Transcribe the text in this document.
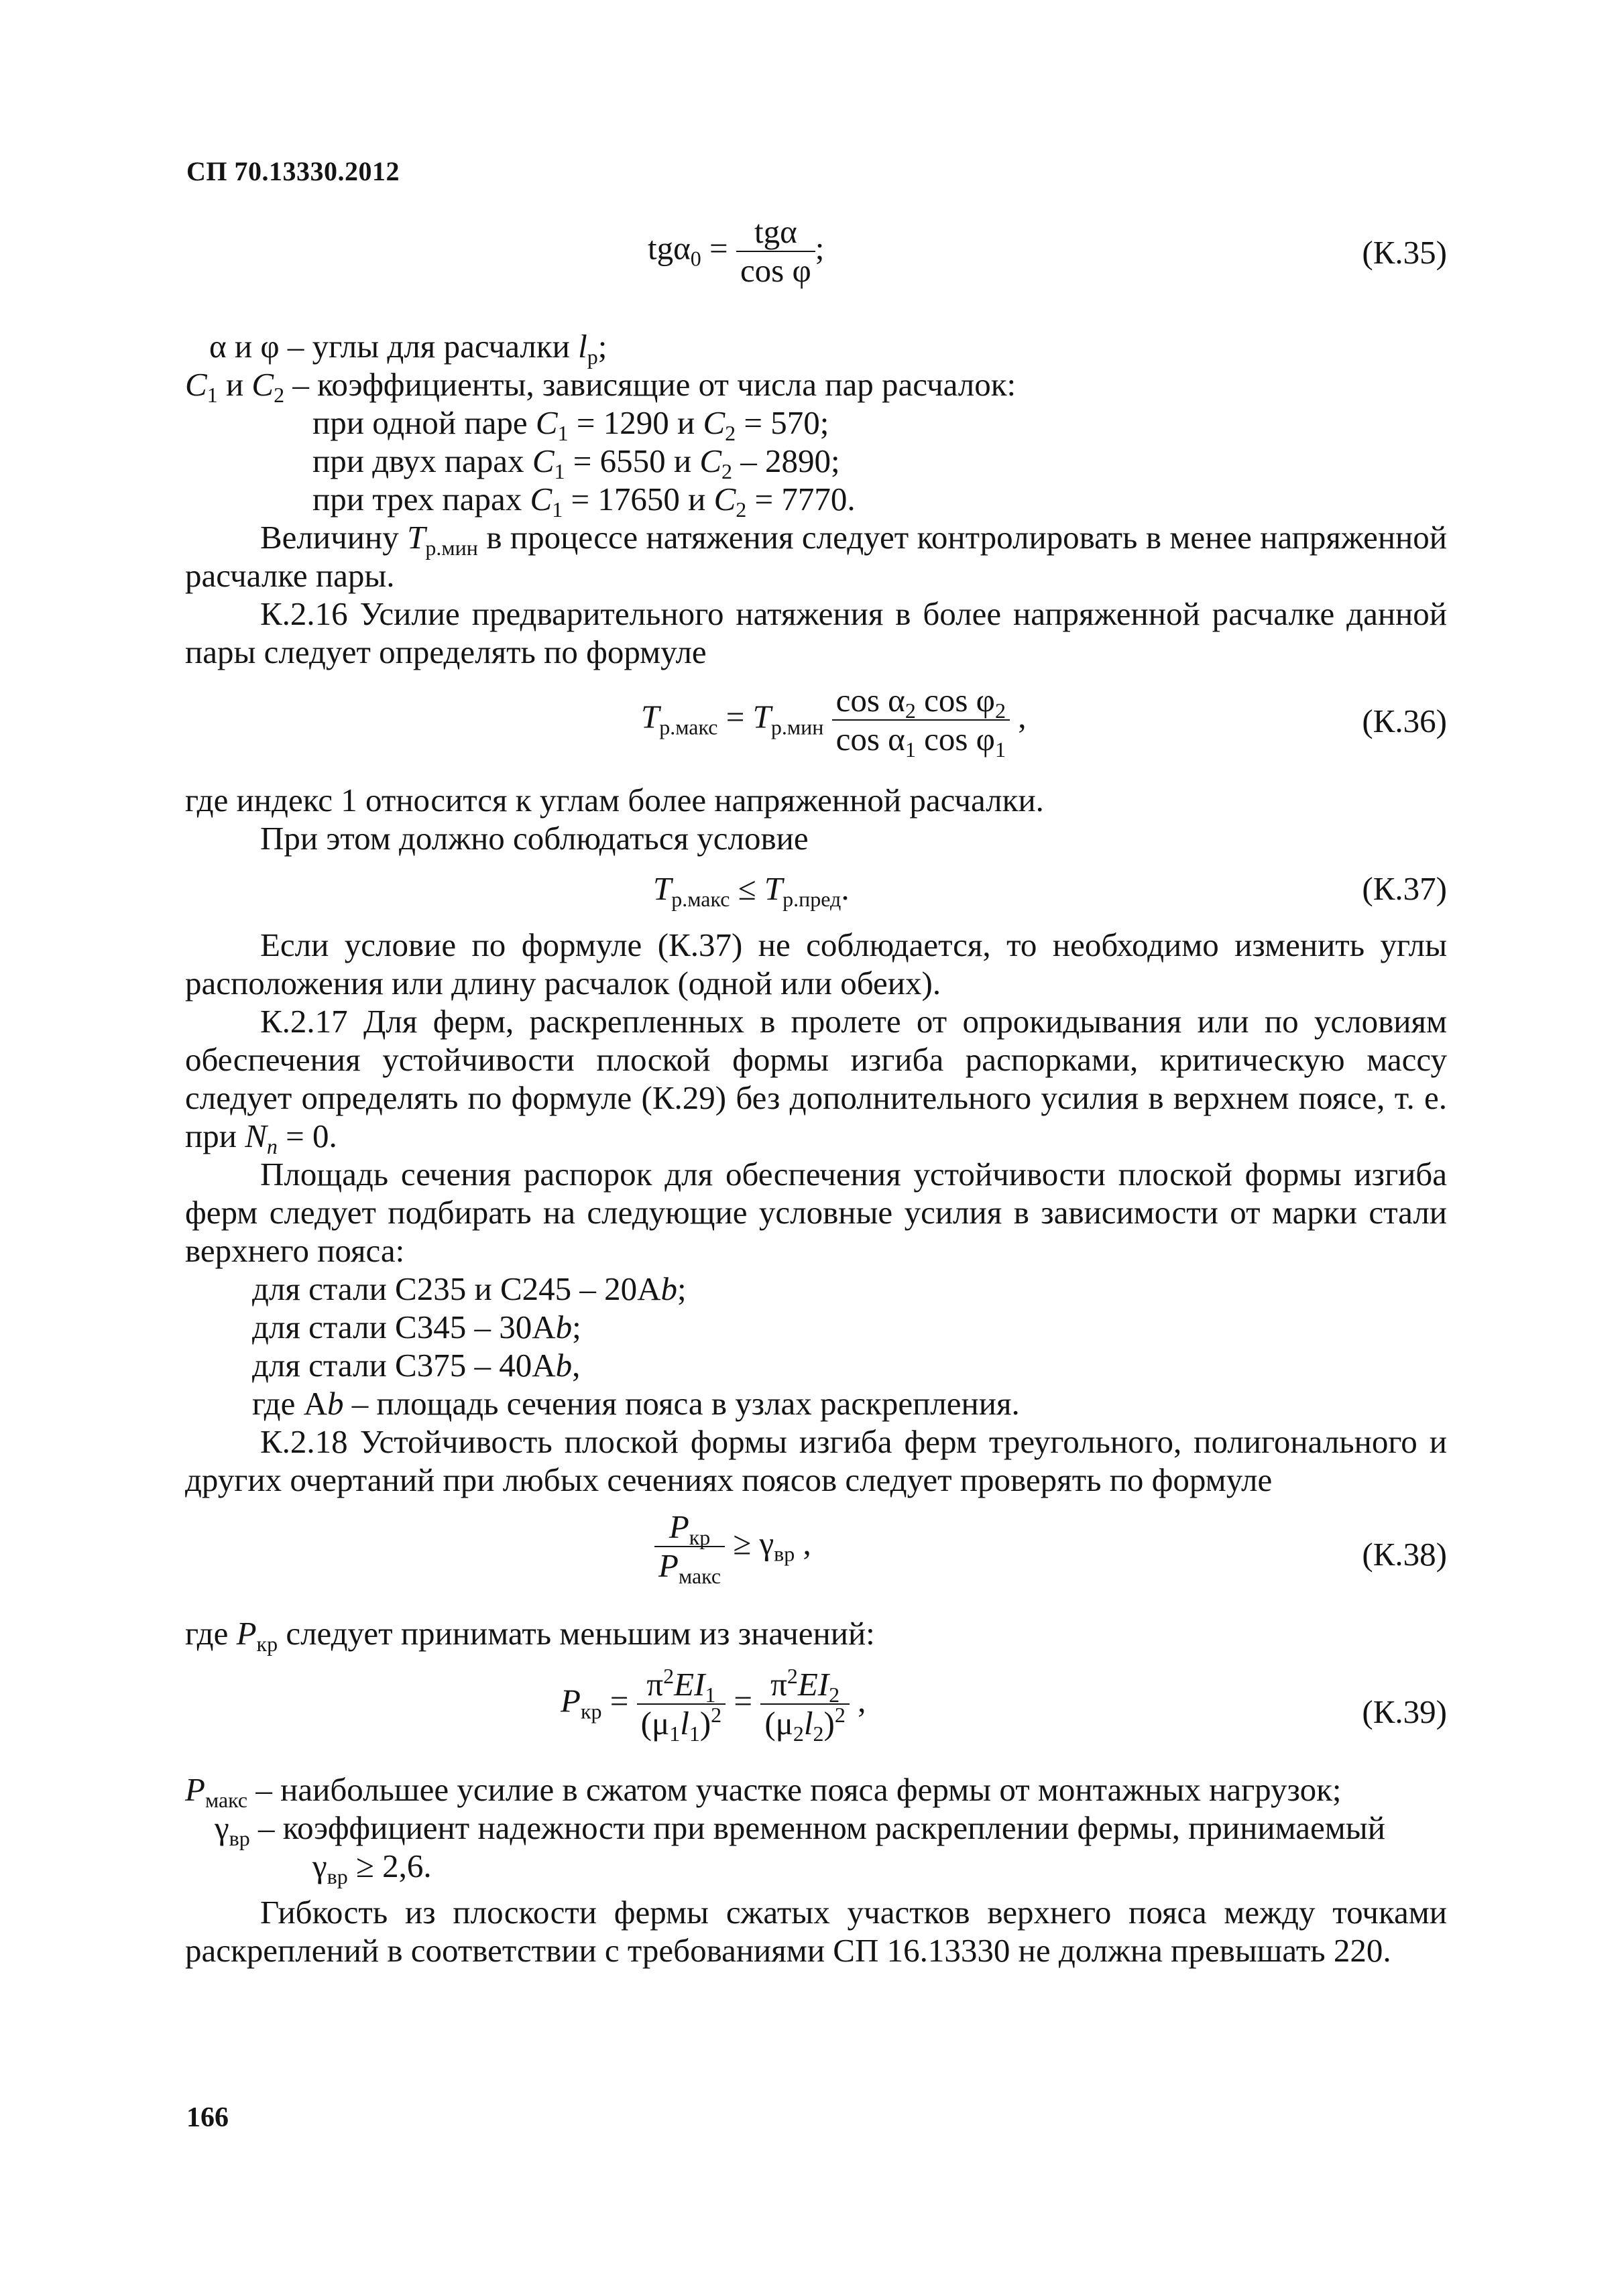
СП 70.13330.2012
$tg\alpha_0 = \frac{\text{tgα}}{\text{cos φ}}$ ;	(К.35)

α и φ – углы для расчалки $l_р$;

$C_1$ и $C_2$ – коэффициенты, зависящие от числа пар расчалок:

при одной паре $C_1 = 1290$ и $C_2 = 570$;

при двух парах $C_1 = 6550$ и $C_2 - 2890$;

при трех парах $C_1 = 17650$ и $C_2 = 7770$.

Величину $T_{р.мин}$ в процессе натяжения следует контролировать в менее напряженной расчалке пары.

К.2.16 Усилие предварительного натяжения в более напряженной расчалке данной пары следует определять по формуле

$T_{р.макс} = T_{р.мин} \frac{\cos \alpha_2 \cos \varphi_2}{\cos \alpha_1 \cos \varphi_1}$ ,	(К.36)

где индекс 1 относится к углам более напряженной расчалки.

При этом должно соблюдаться условие

$T_{р.макс} \le T_{р.пред}$.	(К.37)

Если условие по формуле (К.37) не соблюдается, то необходимо изменить углы расположения или длину расчалок (одной или обеих).

К.2.17 Для ферм, раскрепленных в пролете от опрокидывания или по условиям обеспечения устойчивости плоской формы изгиба распорками, критическую массу следует определять по формуле (К.29) без дополнительного усилия в верхнем поясе, т. е. при $N_n = 0$.

Площадь сечения распорок для обеспечения устойчивости плоской формы изгиба ферм следует подбирать на следующие условные усилия в зависимости от марки стали верхнего пояса:

для стали С235 и С245 – 20Аb;

для стали С345 – 30Аb;

для стали С375 – 40Аb,

где Аb – площадь сечения пояса в узлах раскрепления.

К.2.18 Устойчивость плоской формы изгиба ферм треугольного, полигонального и других очертаний при любых сечениях поясов следует проверять по формуле

$\frac{P_{кр}}{P_{макс}} \ge \gamma_{вр}$ ,	(К.38)

где $P_{кр}$ следует принимать меньшим из значений:

$P_{кр} = \frac{\pi^2EI_1}{(\mu_1l_1)^2} = \frac{\pi^2EI_2}{(\mu_2l_2)^2}$ ,	(К.39)

$P_{макс}$ – наибольшее усилие в сжатом участке пояса фермы от монтажных нагрузок;

$\gamma_{вр}$ – коэффициент надежности при временном раскреплении фермы, принимаемый

$\gamma_{вр} \ge 2,6$.

Гибкость из плоскости фермы сжатых участков верхнего пояса между точками раскреплений в соответствии с требованиями СП 16.13330 не должна превышать 220.

166
